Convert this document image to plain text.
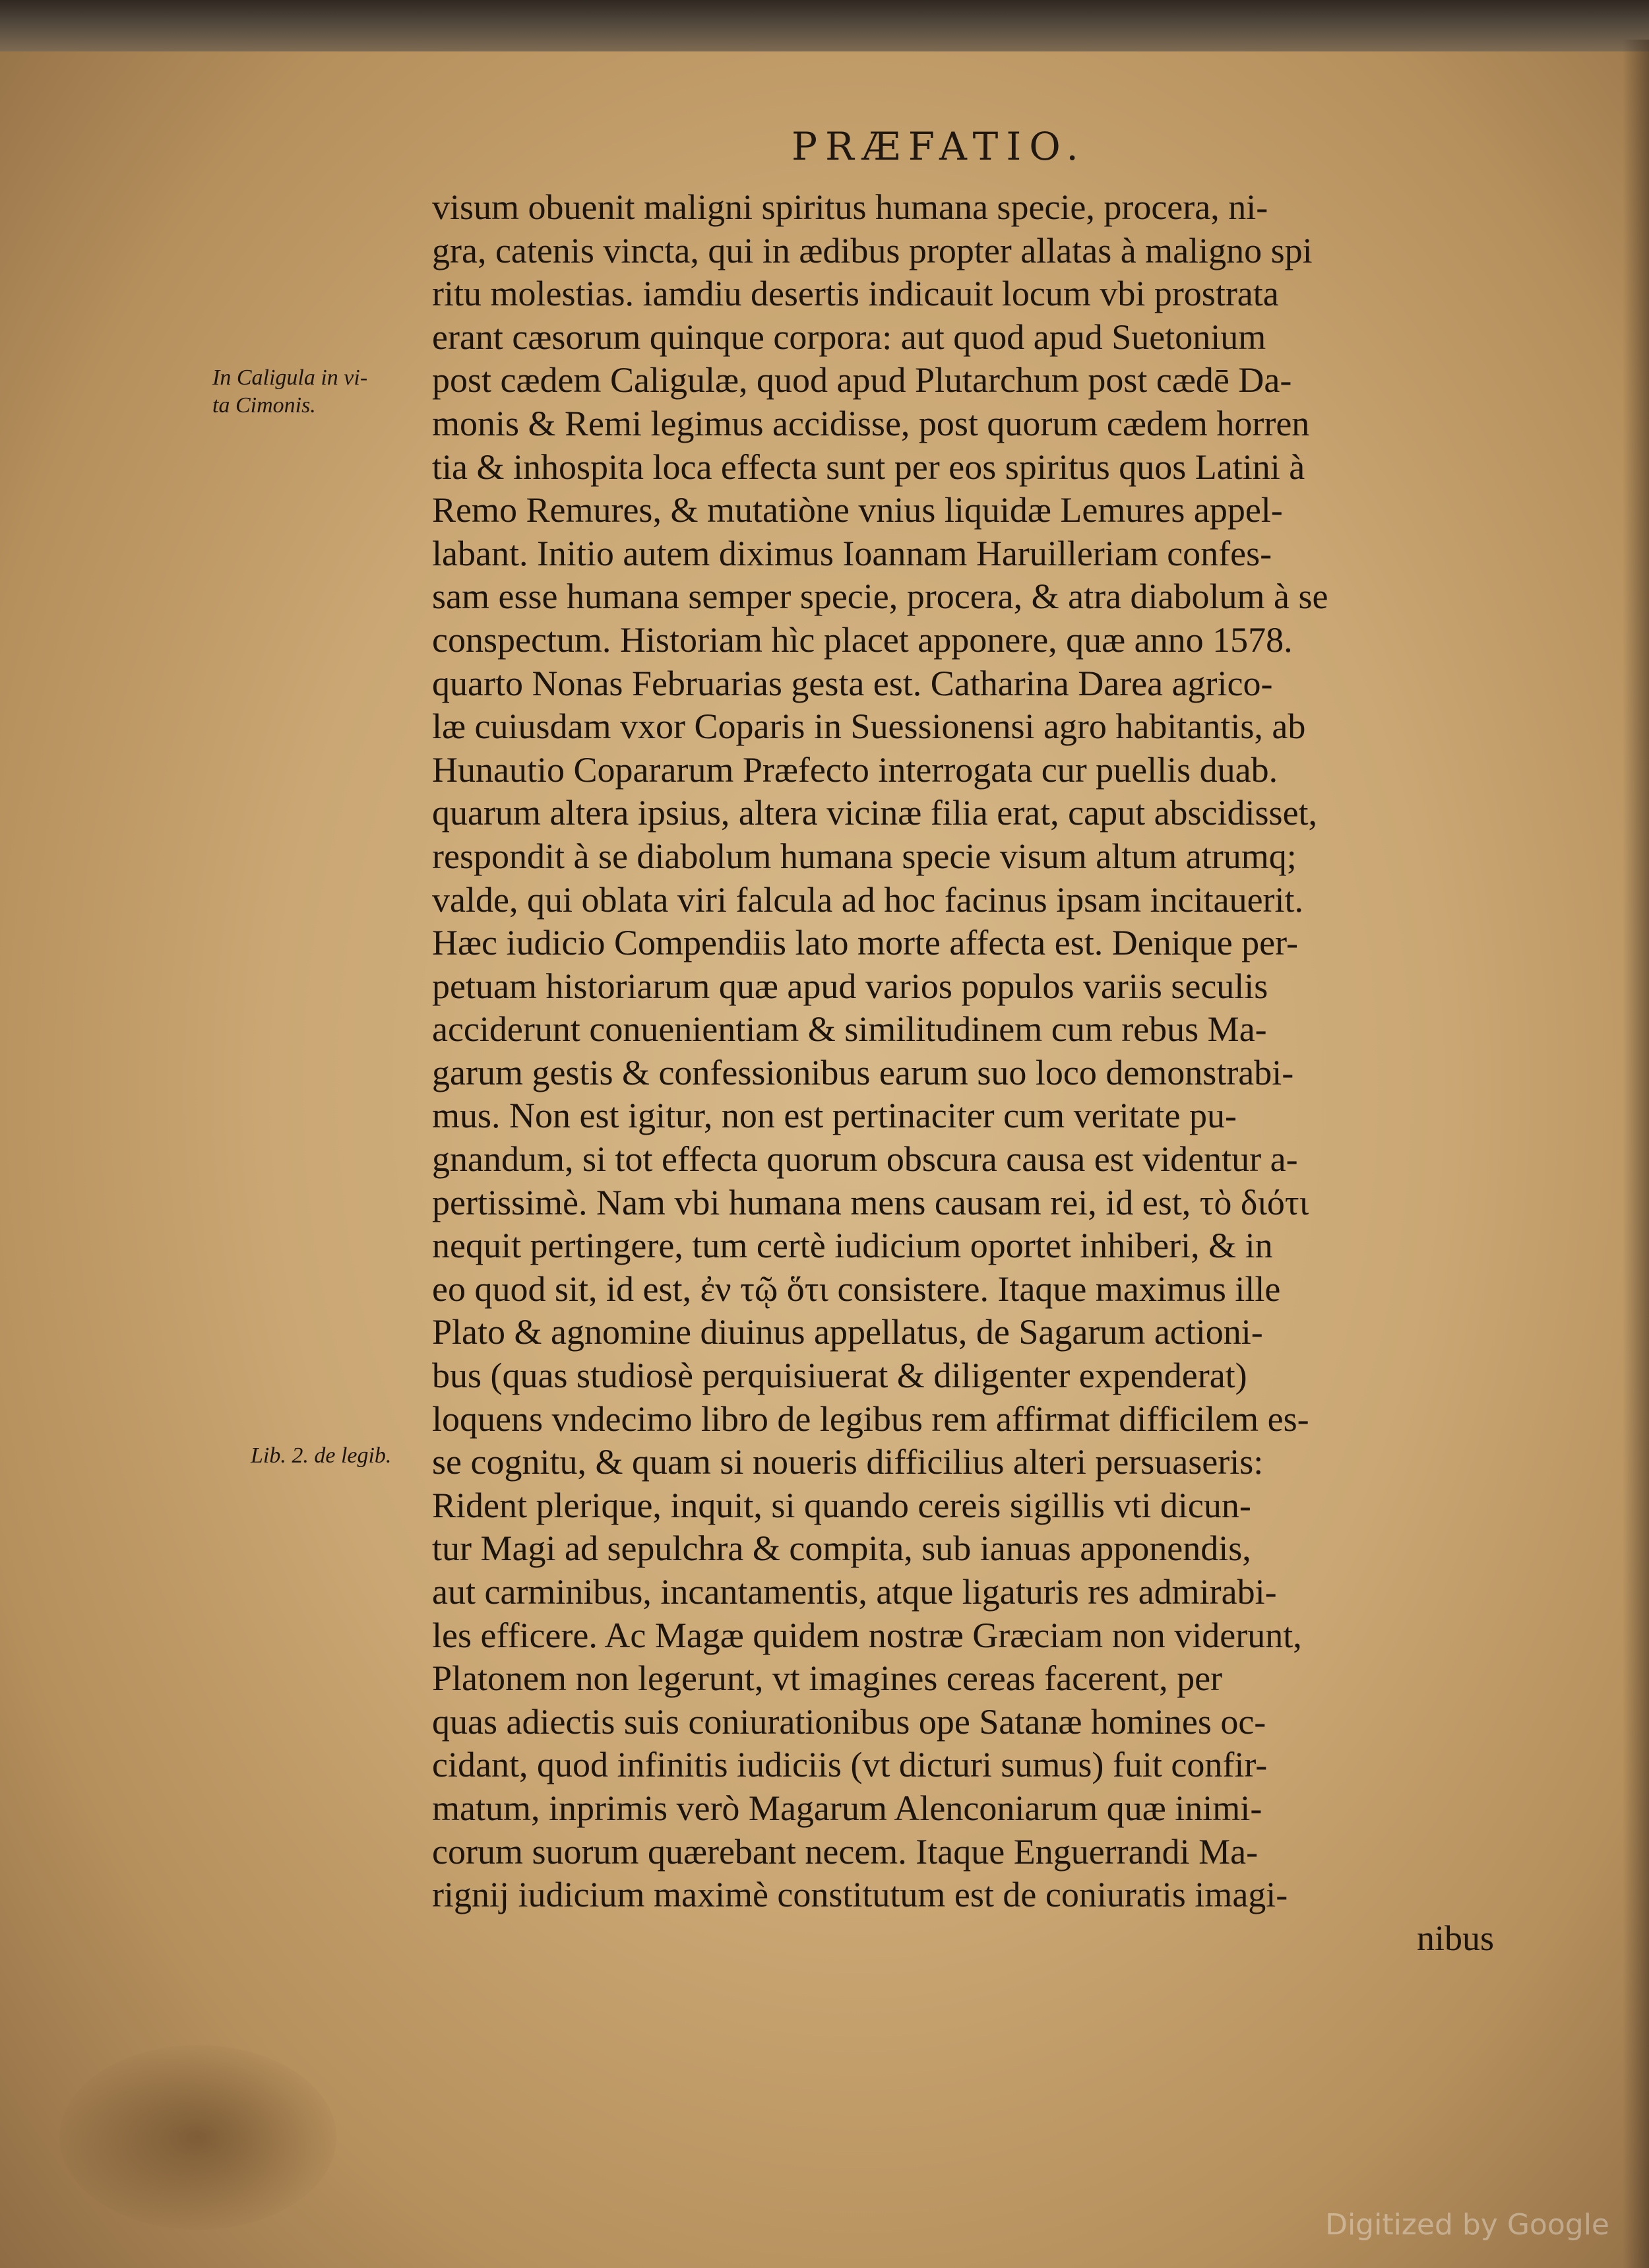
PRÆFATIO.
In Caligula in vi-
ta Cimonis.
Lib. 2. de legib.
visum obuenit maligni spiritus humana specie, procera, ni-
gra, catenis vincta, qui in ædibus propter allatas à maligno spi
ritu molestias. iamdiu desertis indicauit locum vbi prostrata
erant cæsorum quinque corpora: aut quod apud Suetonium
post cædem Caligulæ, quod apud Plutarchum post cædē Da-
monis & Remi legimus accidisse, post quorum cædem horren
tia & inhospita loca effecta sunt per eos spiritus quos Latini à
Remo Remures, & mutatiòne vnius liquidæ Lemures appel-
labant. Initio autem diximus Ioannam Haruilleriam confes-
sam esse humana semper specie, procera, & atra diabolum à se
conspectum. Historiam hìc placet apponere, quæ anno 1578.
quarto Nonas Februarias gesta est. Catharina Darea agrico-
læ cuiusdam vxor Coparis in Suessionensi agro habitantis, ab
Hunautio Copararum Præfecto interrogata cur puellis duab.
quarum altera ipsius, altera vicinæ filia erat, caput abscidisset,
respondit à se diabolum humana specie visum altum atrumq;
valde, qui oblata viri falcula ad hoc facinus ipsam incitauerit.
Hæc iudicio Compendiis lato morte affecta est. Denique per-
petuam historiarum quæ apud varios populos variis seculis
acciderunt conuenientiam & similitudinem cum rebus Ma-
garum gestis & confessionibus earum suo loco demonstrabi-
mus. Non est igitur, non est pertinaciter cum veritate pu-
gnandum, si tot effecta quorum obscura causa est videntur a-
pertissimè. Nam vbi humana mens causam rei, id est, τὸ διότι
nequit pertingere, tum certè iudicium oportet inhiberi, & in
eo quod sit, id est, ἐν τῷ ὅτι consistere. Itaque maximus ille
Plato & agnomine diuinus appellatus, de Sagarum actioni-
bus (quas studiosè perquisiuerat & diligenter expenderat)
loquens vndecimo libro de legibus rem affirmat difficilem es-
se cognitu, & quam si noueris difficilius alteri persuaseris:
Rident plerique, inquit, si quando cereis sigillis vti dicun-
tur Magi ad sepulchra & compita, sub ianuas apponendis,
aut carminibus, incantamentis, atque ligaturis res admirabi-
les efficere. Ac Magæ quidem nostræ Græciam non viderunt,
Platonem non legerunt, vt imagines cereas facerent, per
quas adiectis suis coniurationibus ope Satanæ homines oc-
cidant, quod infinitis iudiciis (vt dicturi sumus) fuit confir-
matum, inprimis verò Magarum Alenconiarum quæ inimi-
corum suorum quærebant necem. Itaque Enguerrandi Ma-
rignij iudicium maximè constitutum est de coniuratis imagi-
nibus
Digitized by Google
